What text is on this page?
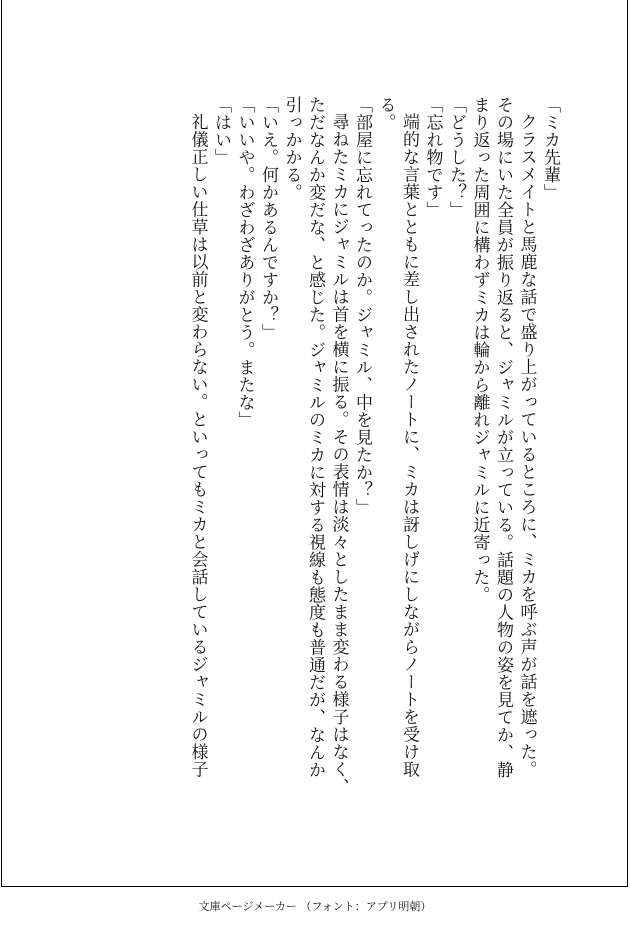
「ミカ先輩」
クラスメイトと馬鹿な話で盛り上がっているところに、ミカを呼ぶ声が話を遮った。
その場にいた全員が振り返ると、ジャミルが立っている。話題の人物の姿を見てか、静
まり返った周囲に構わずミカは輪から離れジャミルに近寄った。
「どうした？」
「忘れ物です」
端的な言葉とともに差し出されたノートに、ミカは訝しげにしながらノートを受け取
る。
「部屋に忘れてったのか。ジャミル、中を見たか？」
尋ねたミカにジャミルは首を横に振る。その表情は淡々としたまま変わる様子はなく、
ただなんか変だな、と感じた。ジャミルのミカに対する視線も態度も普通だが、なんか
引っかかる。
「いえ。何かあるんですか？」
「いいや。わざわざありがとう。またな」
「はい」
礼儀正しい仕草は以前と変わらない。といってもミカと会話しているジャミルの様子
文庫ページメーカー （フォント：アプリ明朝）
